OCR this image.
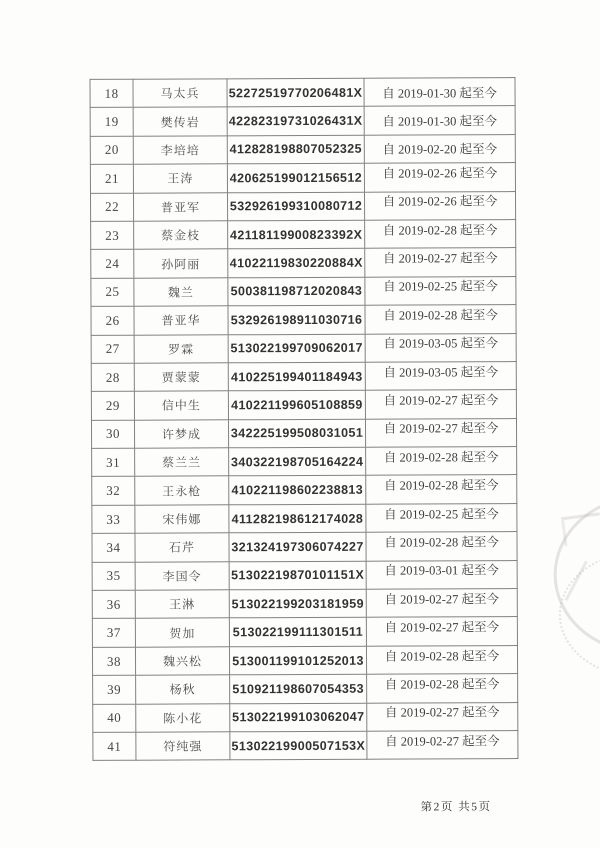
18	马太兵	52272519770206481X	自 2019-01-30 起至今
19	樊传岩	42282319731026431X	自 2019-01-30 起至今
20	李培培	412828198807052325	自 2019-02-20 起至今
21	王涛	420625199012156512	自 2019-02-26 起至今
22	普亚军	532926199310080712	自 2019-02-26 起至今
23	蔡金枝	42118119900823392X	自 2019-02-28 起至今
24	孙阿丽	41022119830220884X	自 2019-02-27 起至今
25	魏兰	500381198712020843	自 2019-02-25 起至今
26	普亚华	532926198911030716	自 2019-02-28 起至今
27	罗霖	513022199709062017	自 2019-03-05 起至今
28	贾蒙蒙	410225199401184943	自 2019-03-05 起至今
29	信中生	410221199605108859	自 2019-02-27 起至今
30	许梦成	342225199508031051	自 2019-02-27 起至今
31	蔡兰兰	340322198705164224	自 2019-02-28 起至今
32	王永枪	410221198602238813	自 2019-02-28 起至今
33	宋伟娜	411282198612174028	自 2019-02-25 起至今
34	石芹	321324197306074227	自 2019-02-28 起至今
35	李国令	51302219870101151X	自 2019-03-01 起至今
36	王淋	513022199203181959	自 2019-02-27 起至今
37	贺加	513022199111301511	自 2019-02-27 起至今
38	魏兴松	513001199101252013	自 2019-02-28 起至今
39	杨秋	510921198607054353	自 2019-02-28 起至今
40	陈小花	513022199103062047	自 2019-02-27 起至今
41	符纯强	51302219900507153X	自 2019-02-27 起至今
第2页 共5页
